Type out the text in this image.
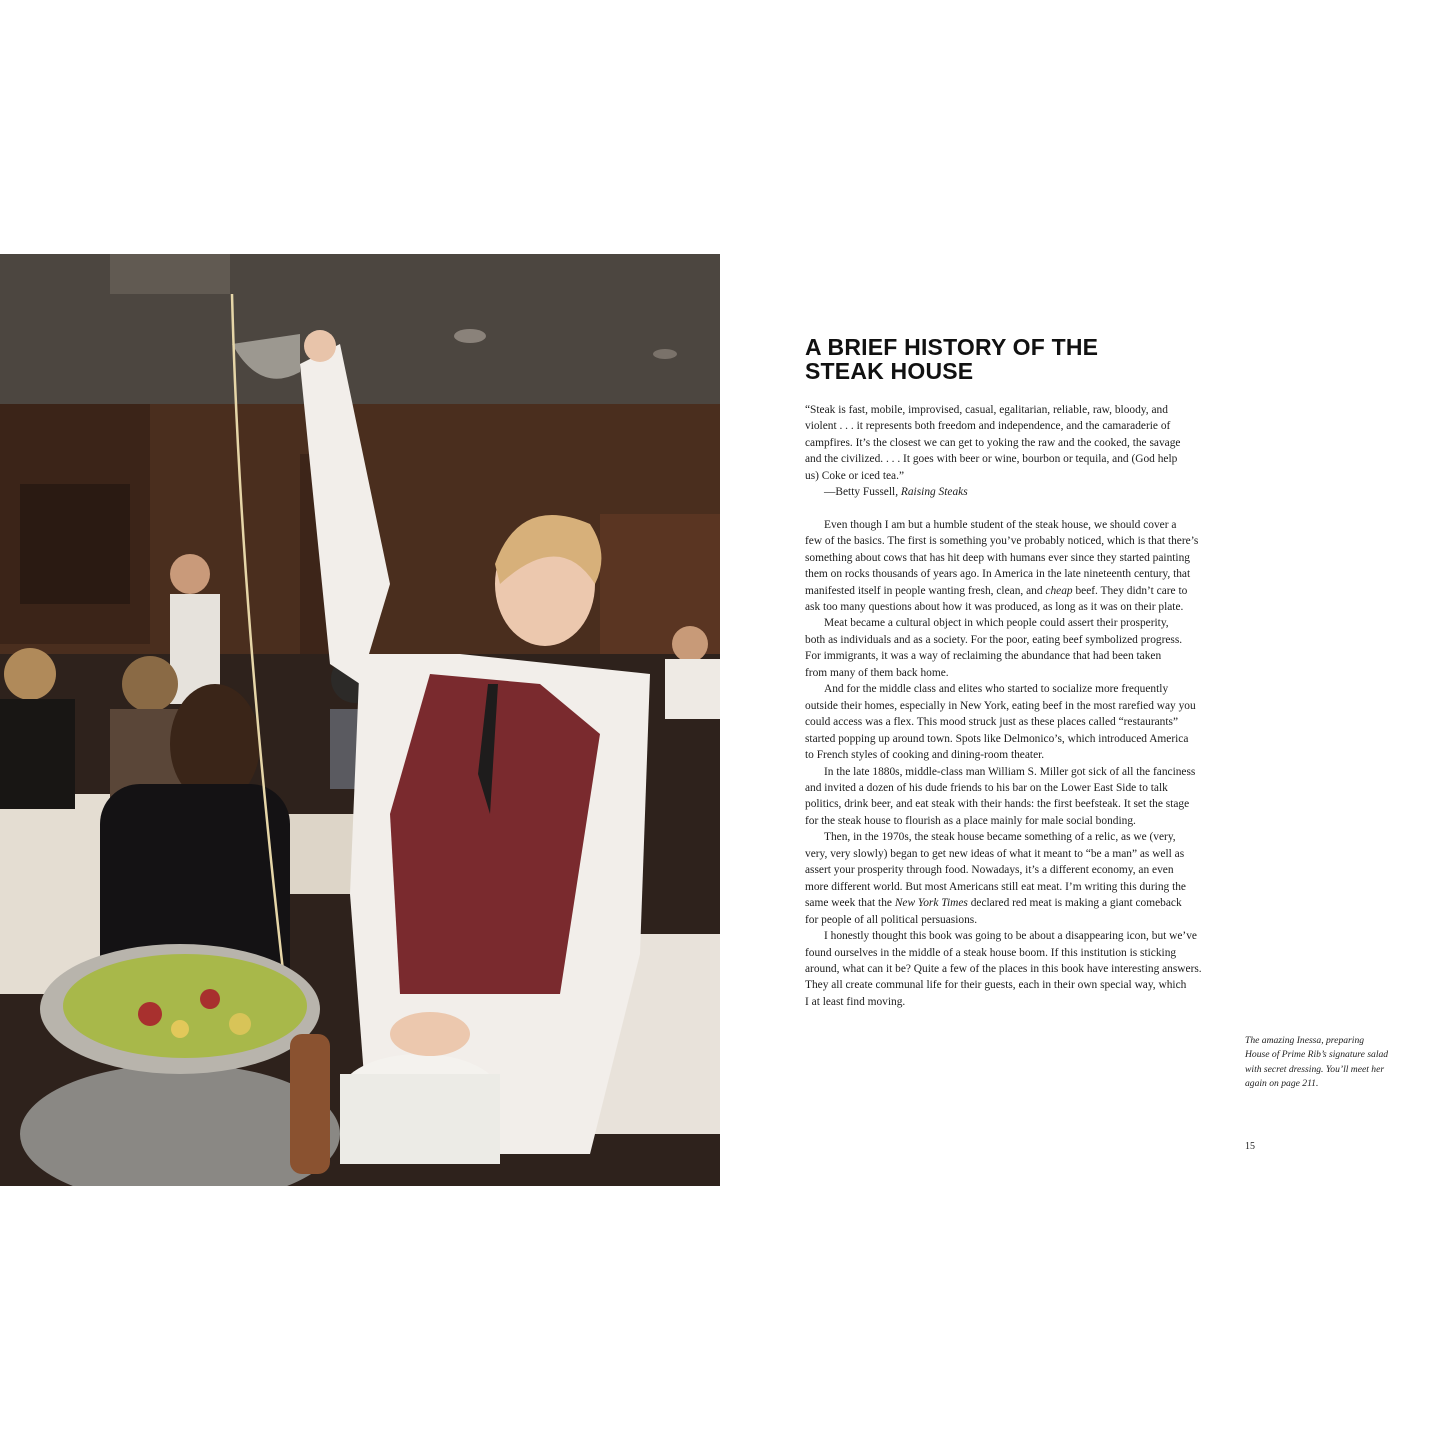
A BRIEF HISTORY OF THE
STEAK HOUSE
“Steak is fast, mobile, improvised, casual, egalitarian, reliable, raw, bloody, and
violent . . . it represents both freedom and independence, and the camaraderie of
campfires. It’s the closest we can get to yoking the raw and the cooked, the savage
and the civilized. . . . It goes with beer or wine, bourbon or tequila, and (God help
us) Coke or iced tea.”
—Betty Fussell, Raising Steaks
Even though I am but a humble student of the steak house, we should cover a
few of the basics. The first is something you’ve probably noticed, which is that there’s
something about cows that has hit deep with humans ever since they started painting
them on rocks thousands of years ago. In America in the late nineteenth century, that
manifested itself in people wanting fresh, clean, and cheap beef. They didn’t care to
ask too many questions about how it was produced, as long as it was on their plate.
Meat became a cultural object in which people could assert their prosperity,
both as individuals and as a society. For the poor, eating beef symbolized progress.
For immigrants, it was a way of reclaiming the abundance that had been taken
from many of them back home.
And for the middle class and elites who started to socialize more frequently
outside their homes, especially in New York, eating beef in the most rarefied way you
could access was a flex. This mood struck just as these places called “restaurants”
started popping up around town. Spots like Delmonico’s, which introduced America
to French styles of cooking and dining-room theater.
In the late 1880s, middle-class man William S. Miller got sick of all the fanciness
and invited a dozen of his dude friends to his bar on the Lower East Side to talk
politics, drink beer, and eat steak with their hands: the first beefsteak. It set the stage
for the steak house to flourish as a place mainly for male social bonding.
Then, in the 1970s, the steak house became something of a relic, as we (very,
very, very slowly) began to get new ideas of what it meant to “be a man” as well as
assert your prosperity through food. Nowadays, it’s a different economy, an even
more different world. But most Americans still eat meat. I’m writing this during the
same week that the New York Times declared red meat is making a giant comeback
for people of all political persuasions.
I honestly thought this book was going to be about a disappearing icon, but we’ve
found ourselves in the middle of a steak house boom. If this institution is sticking
around, what can it be? Quite a few of the places in this book have interesting answers.
They all create communal life for their guests, each in their own special way, which
I at least find moving.
The amazing Inessa, preparing
House of Prime Rib’s signature salad
with secret dressing. You’ll meet her
again on page 211.
15
